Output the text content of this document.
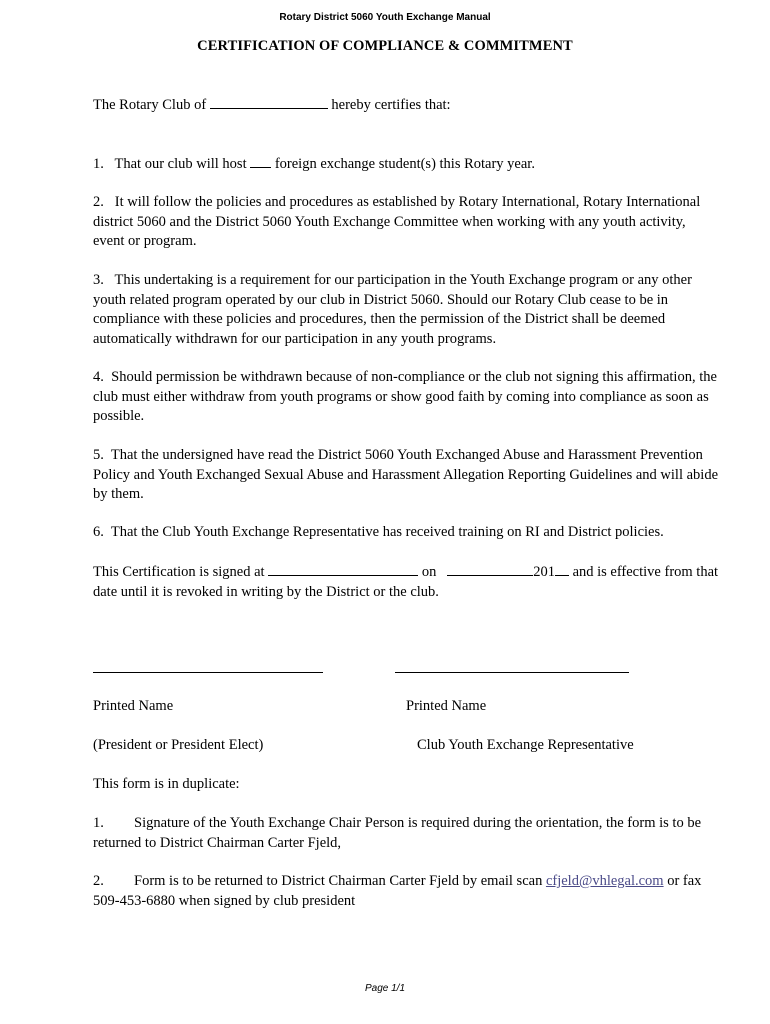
Rotary District 5060 Youth Exchange Manual
CERTIFICATION OF COMPLIANCE & COMMITMENT
The Rotary Club of	hereby certifies that:
1. That our club will host foreign exchange student(s) this Rotary year.
2. It will follow the policies and procedures as established by Rotary International, Rotary International district 5060 and the District 5060 Youth Exchange Committee when working with any youth activity, event or program.
3. This undertaking is a requirement for our participation in the Youth Exchange program or any other youth related program operated by our club in District 5060. Should our Rotary Club cease to be in compliance with these policies and procedures, then the permission of the District shall be deemed automatically withdrawn for our participation in any youth programs.
4. Should permission be withdrawn because of non-compliance or the club not signing this affirmation, the club must either withdraw from youth programs or show good faith by coming into compliance as soon as possible.
5. That the undersigned have read the District 5060 Youth Exchanged Abuse and Harassment Prevention Policy and Youth Exchanged Sexual Abuse and Harassment Allegation Reporting Guidelines and will abide by them.
6. That the Club Youth Exchange Representative has received training on RI and District policies.
This Certification is signed at	on	201 and is effective from that date until it is revoked in writing by the District or the club.
Printed Name	Printed Name
(President or President Elect)	Club Youth Exchange Representative
This form is in duplicate:
1. Signature of the Youth Exchange Chair Person is required during the orientation, the form is to be returned to District Chairman Carter Fjeld,
2. Form is to be returned to District Chairman Carter Fjeld by email scan cfjeld@vhlegal.com or fax 509-453-6880 when signed by club president
Page 1/1
